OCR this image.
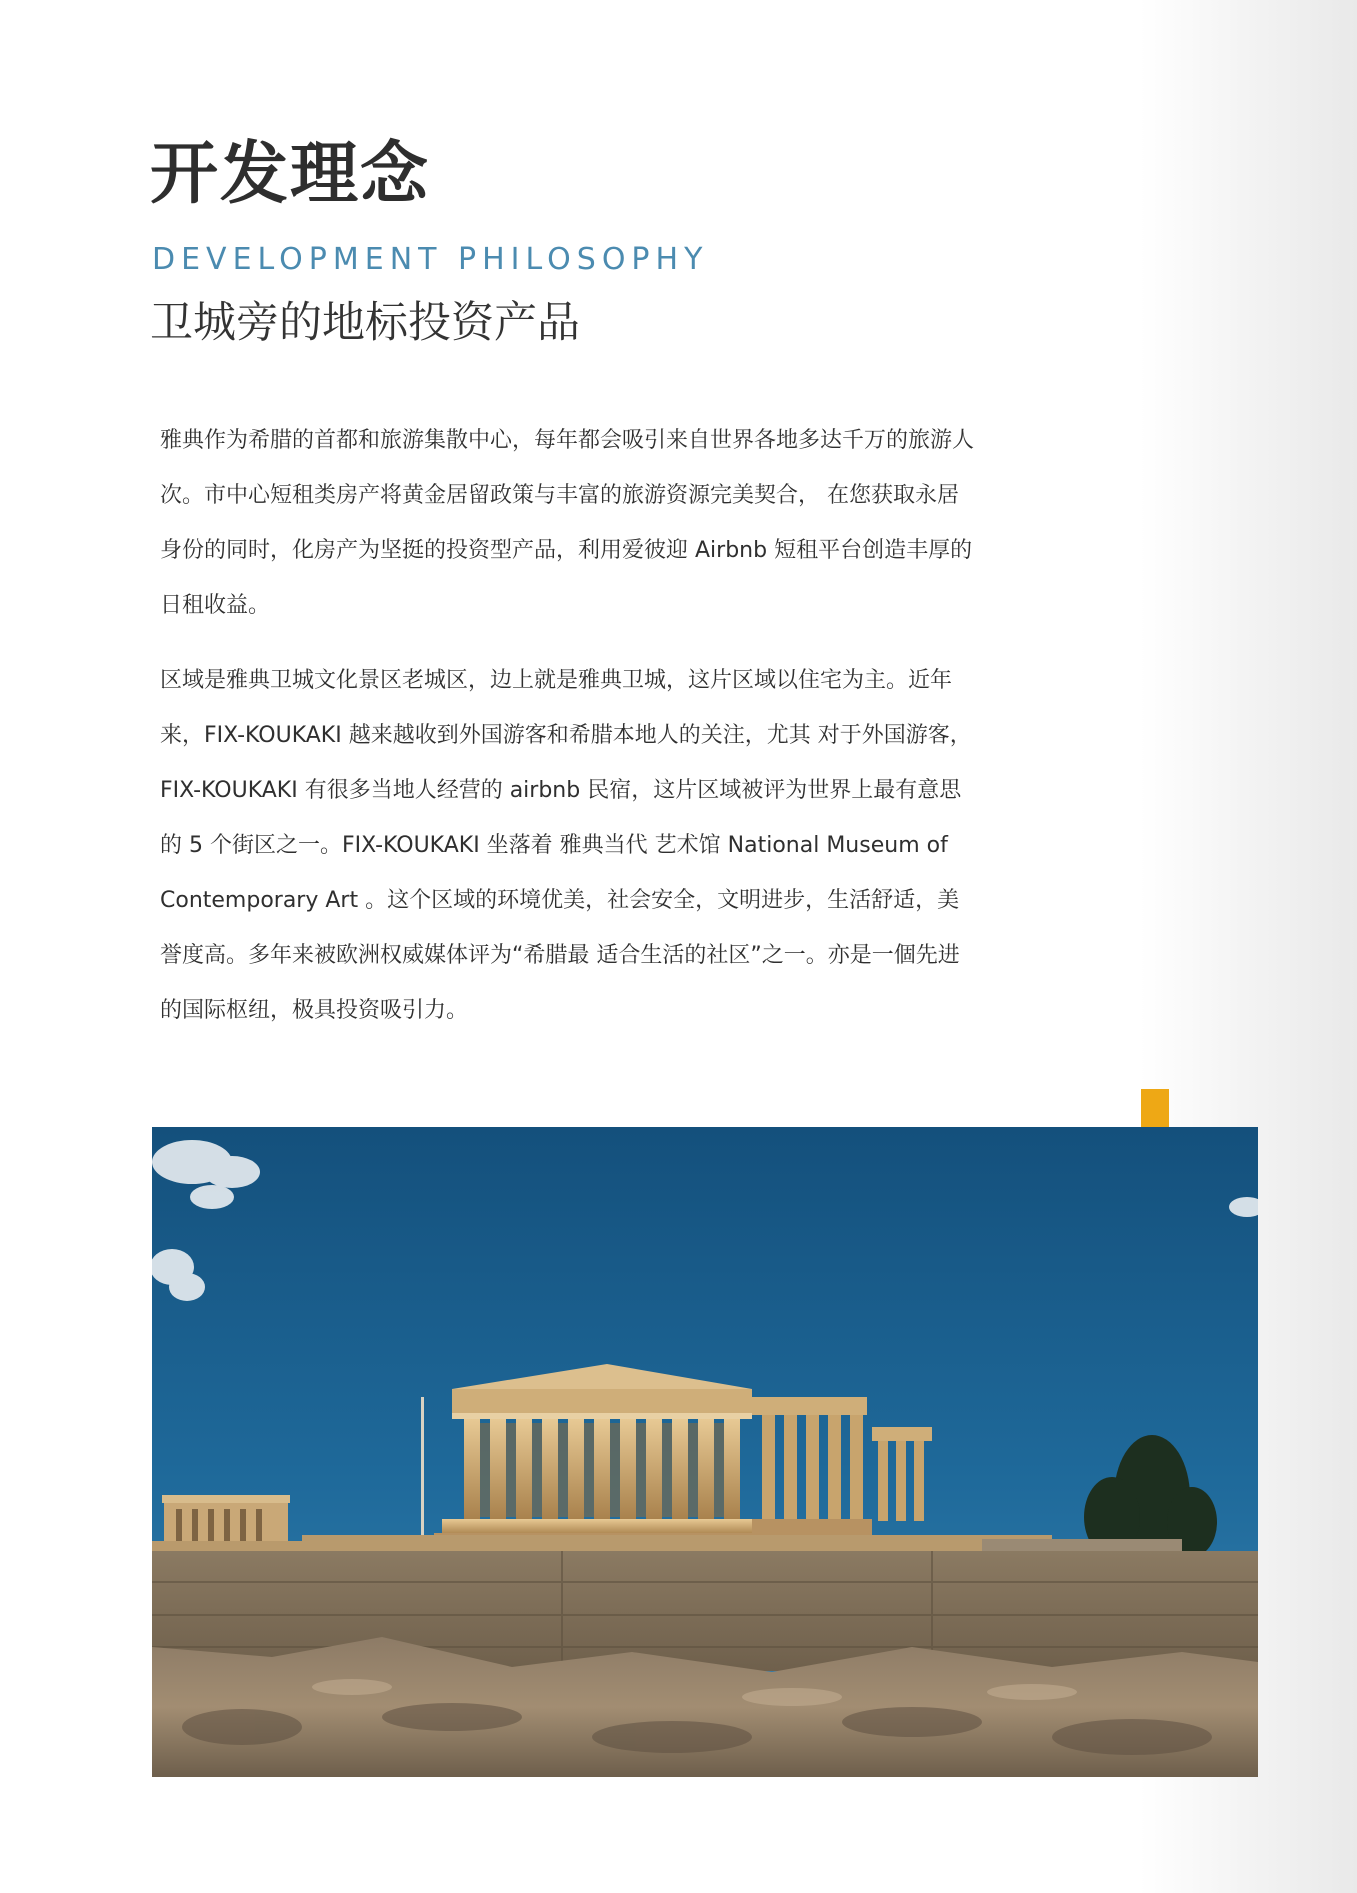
开发理念
DEVELOPMENT PHILOSOPHY
卫城旁的地标投资产品

雅典作为希腊的首都和旅游集散中心，每年都会吸引来自世界各地多达千万的旅游人次。市中心短租类房产将黄金居留政策与丰富的旅游资源完美契合， 在您获取永居身份的同时，化房产为坚挺的投资型产品，利用爱彼迎 Airbnb 短租平台创造丰厚的日租收益。

区域是雅典卫城文化景区老城区，边上就是雅典卫城，这片区域以住宅为主。近年来，FIX-KOUKAKI 越来越收到外国游客和希腊本地人的关注，尤其 对于外国游客，FIX-KOUKAKI 有很多当地人经营的 airbnb 民宿，这片区域被评为世界上最有意思的 5 个街区之一。FIX-KOUKAKI 坐落着 雅典当代 艺术馆 National Museum of Contemporary Art 。这个区域的环境优美，社会安全，文明进步，生活舒适，美誉度高。多年来被欧洲权威媒体评为“希腊最 适合生活的社区”之一。亦是一個先进的国际枢纽，极具投资吸引力。
